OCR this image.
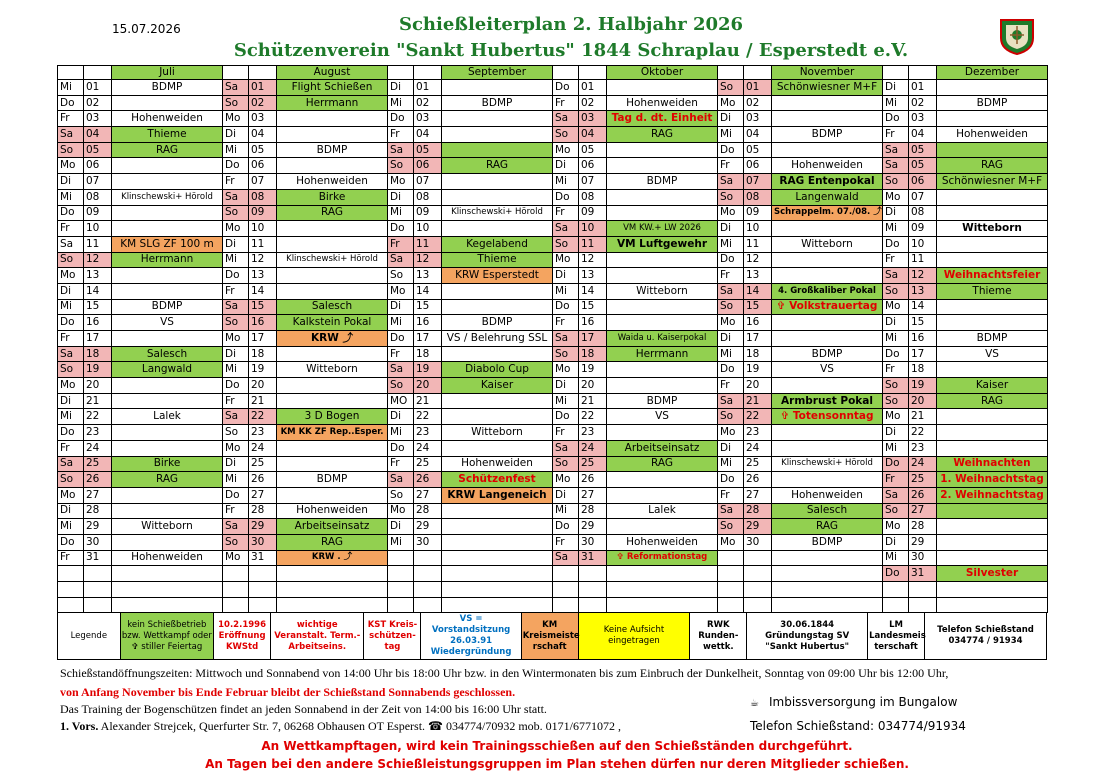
15.07.2026	Schießleiterplan 2. Halbjahr 2026
Schützenverein "Sankt Hubertus" 1844 Schraplau / Esperstedt e.V.
		Juli			August			September			Oktober			November			Dezember
Mi	01	BDMP	Sa	01	Flight Schießen	Di	01		Do	01		So	01	Schönwiesner M+F	Di	01	
Do	02		So	02	Herrmann	Mi	02	BDMP	Fr	02	Hohenweiden	Mo	02		Mi	02	BDMP
Fr	03	Hohenweiden	Mo	03		Do	03		Sa	03	Tag d. dt. Einheit	Di	03		Do	03	
Sa	04	Thieme	Di	04		Fr	04		So	04	RAG	Mi	04	BDMP	Fr	04	Hohenweiden
So	05	RAG	Mi	05	BDMP	Sa	05		Mo	05		Do	05		Sa	05	
Mo	06		Do	06		So	06	RAG	Di	06		Fr	06	Hohenweiden	Sa	05	RAG
Di	07		Fr	07	Hohenweiden	Mo	07		Mi	07	BDMP	Sa	07	RAG Entenpokal	So	06	Schönwiesner M+F
Mi	08	Klinschewski+ Hörold	Sa	08	Birke	Di	08		Do	08		So	08	Langenwald	Mo	07	
Do	09		So	09	RAG	Mi	09	Klinschewski+ Hörold	Fr	09		Mo	09	Schrappelm. 07./08. ⤴	Di	08	
Fr	10		Mo	10		Do	10		Sa	10	VM KW.+ LW 2026	Di	10		Mi	09	Witteborn
Sa	11	KM SLG ZF 100 m	Di	11		Fr	11	Kegelabend	So	11	VM Luftgewehr	Mi	11	Witteborn	Do	10	
So	12	Herrmann	Mi	12	Klinschewski+ Hörold	Sa	12	Thieme	Mo	12		Do	12		Fr	11	
Mo	13		Do	13		So	13	KRW Esperstedt	Di	13		Fr	13		Sa	12	Weihnachtsfeier
Di	14		Fr	14		Mo	14		Mi	14	Witteborn	Sa	14	4. Großkaliber Pokal	So	13	Thieme
Mi	15	BDMP	Sa	15	Salesch	Di	15		Do	15		So	15	✞ Volkstrauertag	Mo	14	
Do	16	VS	So	16	Kalkstein Pokal	Mi	16	BDMP	Fr	16		Mo	16		Di	15	
Fr	17		Mo	17	KRW ⤴	Do	17	VS / Belehrung SSL	Sa	17	Waida u. Kaiserpokal	Di	17		Mi	16	BDMP
Sa	18	Salesch	Di	18		Fr	18		So	18	Herrmann	Mi	18	BDMP	Do	17	VS
So	19	Langwald	Mi	19	Witteborn	Sa	19	Diabolo Cup	Mo	19		Do	19	VS	Fr	18	
Mo	20		Do	20		So	20	Kaiser	Di	20		Fr	20		So	19	Kaiser
Di	21		Fr	21		MO	21		Mi	21	BDMP	Sa	21	Armbrust Pokal	So	20	RAG
Mi	22	Lalek	Sa	22	3 D Bogen	Di	22		Do	22	VS	So	22	✞ Totensonntag	Mo	21	
Do	23		So	23	KM KK ZF Rep..Esper.	Mi	23	Witteborn	Fr	23		Mo	23		Di	22	
Fr	24		Mo	24		Do	24		Sa	24	Arbeitseinsatz	Di	24		Mi	23	
Sa	25	Birke	Di	25		Fr	25	Hohenweiden	So	25	RAG	Mi	25	Klinschewski+ Hörold	Do	24	Weihnachten
So	26	RAG	Mi	26	BDMP	Sa	26	Schützenfest	Mo	26		Do	26		Fr	25	1. Weihnachtstag
Mo	27		Do	27		So	27	KRW Langeneich	Di	27		Fr	27	Hohenweiden	Sa	26	2. Weihnachtstag
Di	28		Fr	28	Hohenweiden	Mo	28		Mi	28	Lalek	Sa	28	Salesch	So	27	
Mi	29	Witteborn	Sa	29	Arbeitseinsatz	Di	29		Do	29		So	29	RAG	Mo	28	
Do	30		So	30	RAG	Mi	30		Fr	30	Hohenweiden	Mo	30	BDMP	Di	29	
Fr	31	Hohenweiden	Mo	31	KRW . ⤴				Sa	31	✞ Reformationstag				Mi	30	
															Do	31	Silvester

Legende	kein Schießbetrieb bzw. Wettkampf oder ✞ stiller Feiertag	10.2.1996 Eröffnung KWStd	wichtige Veranstalt. Term.- Arbeitseins.	KST Kreis- schützen- tag	VS = Vorstandsitzung 26.03.91 Wiedergründung	KM Kreismeiste rschaft	Keine Aufsicht eingetragen	RWK Runden- wettk.	30.06.1844 Gründungstag SV "Sankt Hubertus"	LM Landesmeis terschaft	Telefon Schießstand 034774 / 91934
Schießstandöffnungszeiten: Mittwoch und Sonnabend von 14:00 Uhr bis 18:00 Uhr bzw. in den Wintermonaten bis zum Einbruch der Dunkelheit, Sonntag von 09:00 Uhr bis 12:00 Uhr,
von Anfang November bis Ende Februar bleibt der Schießstand Sonnabends geschlossen.
Das Training der Bogenschützen findet an jeden Sonnabend in der Zeit von 14:00 bis 16:00 Uhr statt.
1. Vors. Alexander Strejcek, Querfurter Str. 7, 06268 Obhausen OT Esperst. ☎ 034774/70932 mob. 0171/6771072 ,
☕ Imbissversorgung im Bungalow
Telefon Schießstand: 034774/91934
An Wettkampftagen, wird kein Trainingsschießen auf den Schießständen durchgeführt.
An Tagen bei den andere Schießleistungsgruppen im Plan stehen dürfen nur deren Mitglieder schießen.
